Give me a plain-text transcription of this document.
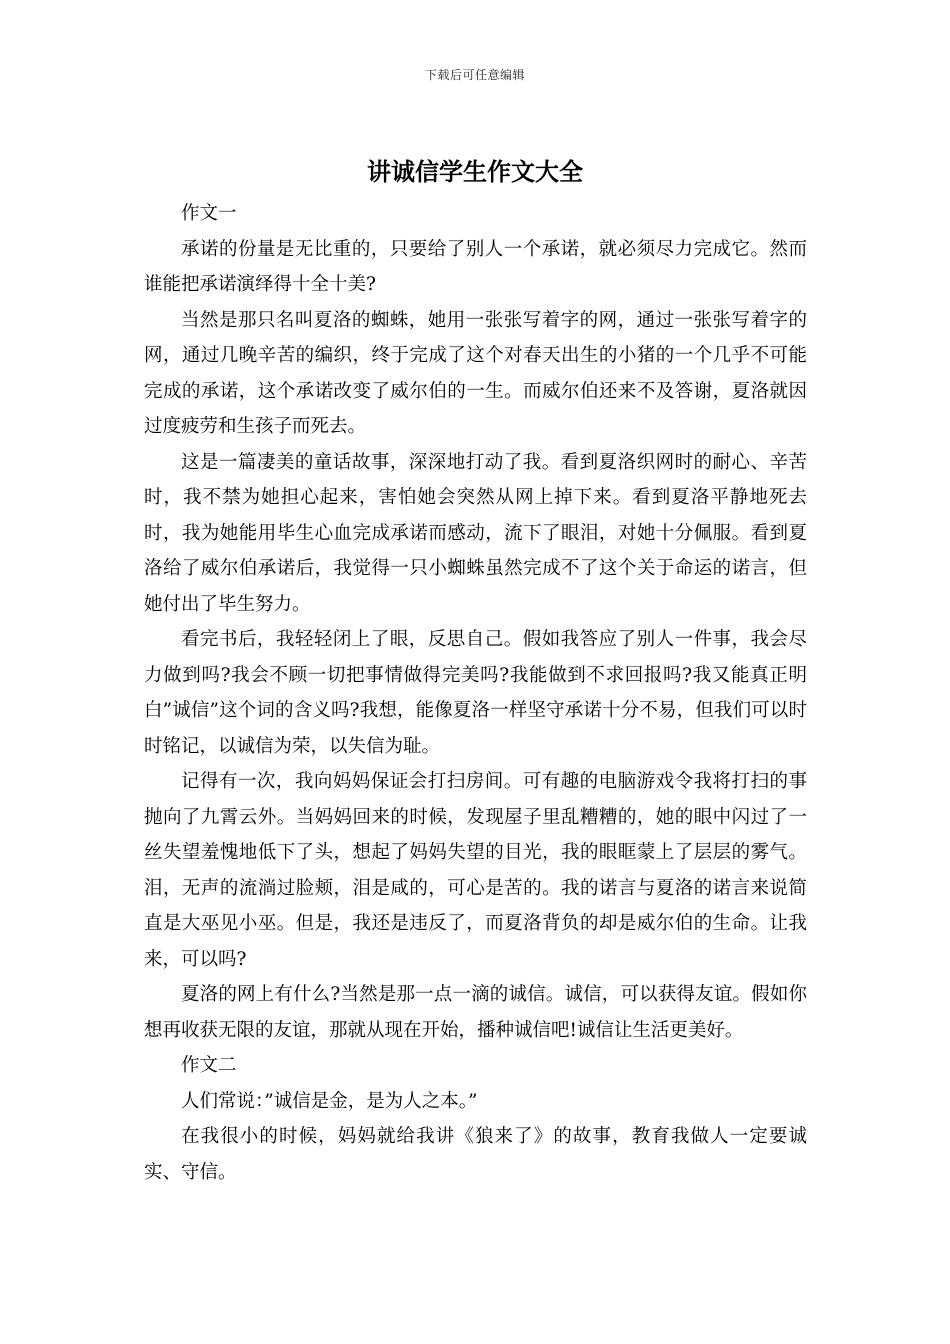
下载后可任意编辑
讲诚信学生作文大全

作文一

承诺的份量是无比重的，只要给了别人一个承诺，就必须尽力完成它。然而谁能把承诺演绎得十全十美?

当然是那只名叫夏洛的蜘蛛，她用一张张写着字的网，通过一张张写着字的网，通过几晚辛苦的编织，终于完成了这个对春天出生的小猪的一个几乎不可能完成的承诺，这个承诺改变了威尔伯的一生。而威尔伯还来不及答谢，夏洛就因过度疲劳和生孩子而死去。

这是一篇凄美的童话故事，深深地打动了我。看到夏洛织网时的耐心、辛苦时，我不禁为她担心起来，害怕她会突然从网上掉下来。看到夏洛平静地死去时，我为她能用毕生心血完成承诺而感动，流下了眼泪，对她十分佩服。看到夏洛给了威尔伯承诺后，我觉得一只小蜘蛛虽然完成不了这个关于命运的诺言，但她付出了毕生努力。

看完书后，我轻轻闭上了眼，反思自己。假如我答应了别人一件事，我会尽力做到吗?我会不顾一切把事情做得完美吗?我能做到不求回报吗?我又能真正明白”诚信”这个词的含义吗?我想，能像夏洛一样坚守承诺十分不易，但我们可以时时铭记，以诚信为荣，以失信为耻。

记得有一次，我向妈妈保证会打扫房间。可有趣的电脑游戏令我将打扫的事抛向了九霄云外。当妈妈回来的时候，发现屋子里乱糟糟的，她的眼中闪过了一丝失望羞愧地低下了头，想起了妈妈失望的目光，我的眼眶蒙上了层层的雾气。泪，无声的流淌过脸颊，泪是咸的，可心是苦的。我的诺言与夏洛的诺言来说简直是大巫见小巫。但是，我还是违反了，而夏洛背负的却是威尔伯的生命。让我来，可以吗?

夏洛的网上有什么?当然是那一点一滴的诚信。诚信，可以获得友谊。假如你想再收获无限的友谊，那就从现在开始，播种诚信吧!诚信让生活更美好。

作文二

人们常说：”诚信是金，是为人之本。”

在我很小的时候，妈妈就给我讲《狼来了》的故事，教育我做人一定要诚实、守信。
